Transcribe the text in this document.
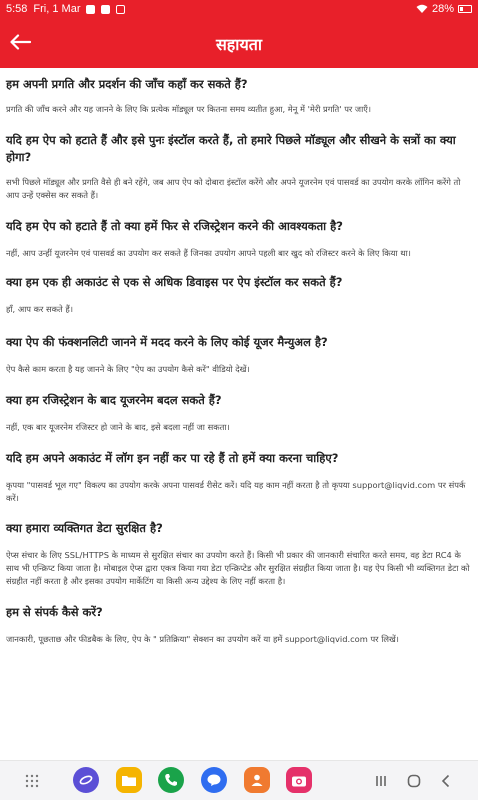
5:58 Fri, 1 Mar	28%
सहायता

हम अपनी प्रगति और प्रदर्शन की जाँच कहाँ कर सकते हैं?

प्रगति की जाँच करने और यह जानने के लिए कि प्रत्येक मॉड्यूल पर कितना समय व्यतीत हुआ, मेनू में 'मेरी प्रगति' पर जाएँ।

यदि हम ऐप को हटाते हैं और इसे पुनः इंस्टॉल करते हैं, तो हमारे पिछले मॉड्यूल और सीखने के सत्रों का क्या होगा?

सभी पिछले मॉड्यूल और प्रगति वैसे ही बने रहेंगे, जब आप ऐप को दोबारा इंस्टॉल करेंगे और अपने यूजरनेम एवं पासवर्ड का उपयोग करके लॉगिन करेंगे तो आप उन्हें एक्सेस कर सकते हैं।

यदि हम ऐप को हटाते हैं तो क्या हमें फिर से रजिस्ट्रेशन करने की आवश्यकता है?

नहीं, आप उन्हीं यूजरनेम एवं पासवर्ड का उपयोग कर सकते हैं जिनका उपयोग आपने पहली बार खुद को रजिस्टर करने के लिए किया था।

क्या हम एक ही अकाउंट से एक से अधिक डिवाइस पर ऐप इंस्टॉल कर सकते हैं?

हाँ, आप कर सकते हैं।

क्या ऐप की फंक्शनलिटी जानने में मदद करने के लिए कोई यूजर मैन्युअल है?

ऐप कैसे काम करता है यह जानने के लिए "ऐप का उपयोग कैसे करें" वीडियो देखें।

क्या हम रजिस्ट्रेशन के बाद यूजरनेम बदल सकते हैं?

नहीं, एक बार यूजरनेम रजिस्टर हो जाने के बाद, इसे बदला नहीं जा सकता।

यदि हम अपने अकाउंट में लॉग इन नहीं कर पा रहे हैं तो हमें क्या करना चाहिए?

कृपया "पासवर्ड भूल गए" विकल्प का उपयोग करके अपना पासवर्ड रीसेट करें। यदि यह काम नहीं करता है तो कृपया support@liqvid.com पर संपर्क करें।

क्या हमारा व्यक्तिगत डेटा सुरक्षित है?

ऐप्स संचार के लिए SSL/HTTPS के माध्यम से सुरक्षित संचार का उपयोग करते हैं। किसी भी प्रकार की जानकारी संचारित करते समय, वह डेटा RC4 के साथ भी एन्क्रिप्ट किया जाता है। मोबाइल ऐप्स द्वारा एकत्र किया गया डेटा एन्क्रिप्टेड और सुरक्षित संग्रहीत किया जाता है। यह ऐप किसी भी व्यक्तिगत डेटा को संग्रहीत नहीं करता है और इसका उपयोग मार्केटिंग या किसी अन्य उद्देश्य के लिए नहीं करता है।

हम से संपर्क कैसे करें?

जानकारी, पूछताछ और फीडबैक के लिए, ऐप के " प्रतिक्रिया" सेक्शन का उपयोग करें या हमें support@liqvid.com पर लिखें।
